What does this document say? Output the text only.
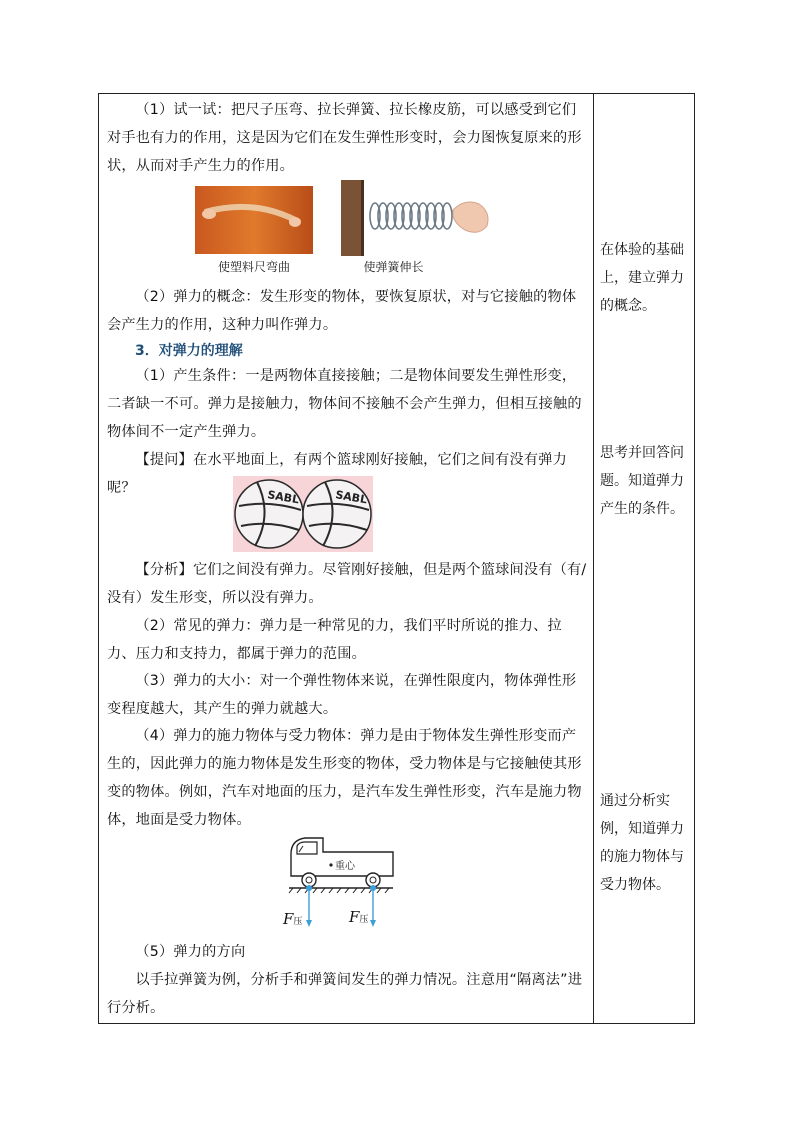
（1）试一试：把尺子压弯、拉长弹簧、拉长橡皮筋，可以感受到它们对手也有力的作用，这是因为它们在发生弹性形变时，会力图恢复原来的形状，从而对手产生力的作用。

使塑料尺弯曲	使弹簧伸长

（2）弹力的概念：发生形变的物体，要恢复原状，对与它接触的物体会产生力的作用，这种力叫作弹力。

3．对弹力的理解

（1）产生条件：一是两物体直接接触；二是物体间要发生弹性形变，二者缺一不可。弹力是接触力，物体间不接触不会产生弹力，但相互接触的物体间不一定产生弹力。

【提问】在水平地面上，有两个篮球刚好接触，它们之间有没有弹力呢？

SABL	SABL

【分析】它们之间没有弹力。尽管刚好接触，但是两个篮球间没有（有/没有）发生形变，所以没有弹力。

（2）常见的弹力：弹力是一种常见的力，我们平时所说的推力、拉力、压力和支持力，都属于弹力的范围。

（3）弹力的大小：对一个弹性物体来说，在弹性限度内，物体弹性形变程度越大，其产生的弹力就越大。

（4）弹力的施力物体与受力物体：弹力是由于物体发生弹性形变而产生的，因此弹力的施力物体是发生形变的物体，受力物体是与它接触使其形变的物体。例如，汽车对地面的压力，是汽车发生弹性形变，汽车是施力物体，地面是受力物体。

重心
F压	F压

（5）弹力的方向

以手拉弹簧为例，分析手和弹簧间发生的弹力情况。注意用“隔离法”进行分析。

在体验的基础上，建立弹力的概念。

思考并回答问题。知道弹力产生的条件。

通过分析实例，知道弹力的施力物体与受力物体。
